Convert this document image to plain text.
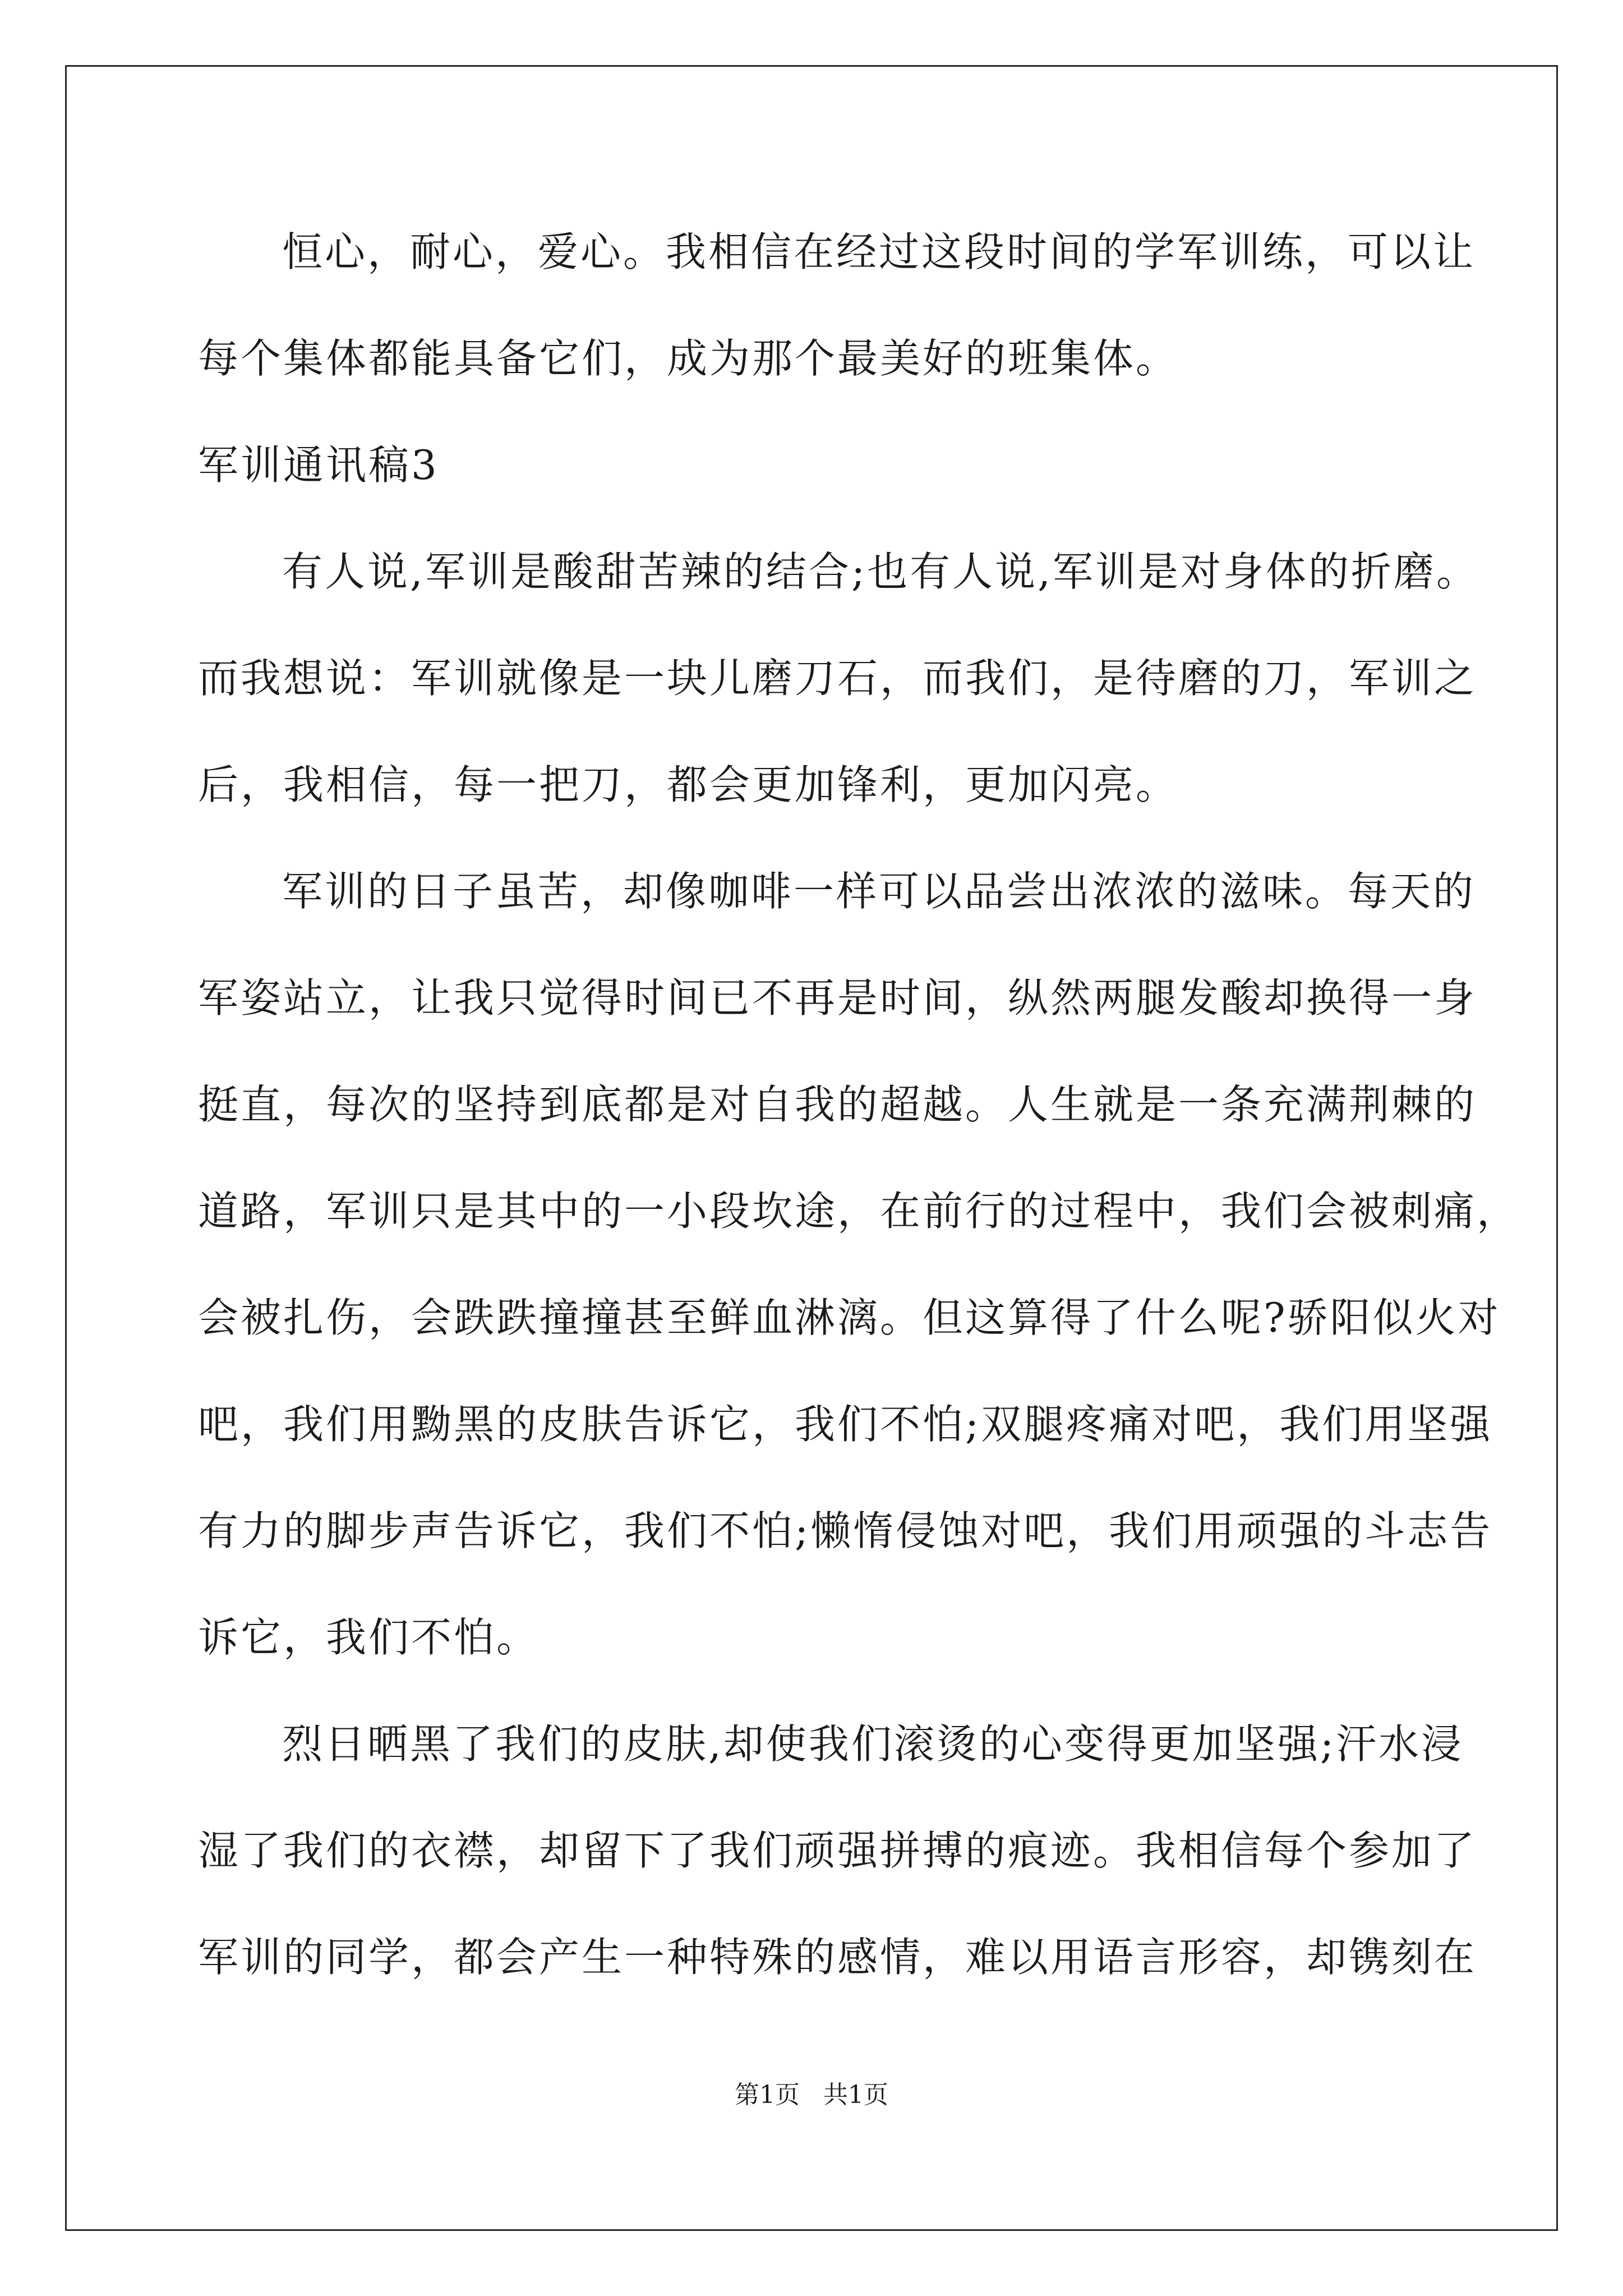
恒心，耐心，爱心。我相信在经过这段时间的学军训练，可以让
每个集体都能具备它们，成为那个最美好的班集体。
军训通讯稿3
有人说,军训是酸甜苦辣的结合;也有人说,军训是对身体的折磨。
而我想说：军训就像是一块儿磨刀石，而我们，是待磨的刀，军训之
后，我相信，每一把刀，都会更加锋利，更加闪亮。
军训的日子虽苦，却像咖啡一样可以品尝出浓浓的滋味。每天的
军姿站立，让我只觉得时间已不再是时间，纵然两腿发酸却换得一身
挺直，每次的坚持到底都是对自我的超越。人生就是一条充满荆棘的
道路，军训只是其中的一小段坎途，在前行的过程中，我们会被刺痛，
会被扎伤，会跌跌撞撞甚至鲜血淋漓。但这算得了什么呢?骄阳似火对
吧，我们用黝黑的皮肤告诉它，我们不怕;双腿疼痛对吧，我们用坚强
有力的脚步声告诉它，我们不怕;懒惰侵蚀对吧，我们用顽强的斗志告
诉它，我们不怕。
烈日晒黑了我们的皮肤,却使我们滚烫的心变得更加坚强;汗水浸
湿了我们的衣襟，却留下了我们顽强拼搏的痕迹。我相信每个参加了
军训的同学，都会产生一种特殊的感情，难以用语言形容，却镌刻在
第1页   共1页
